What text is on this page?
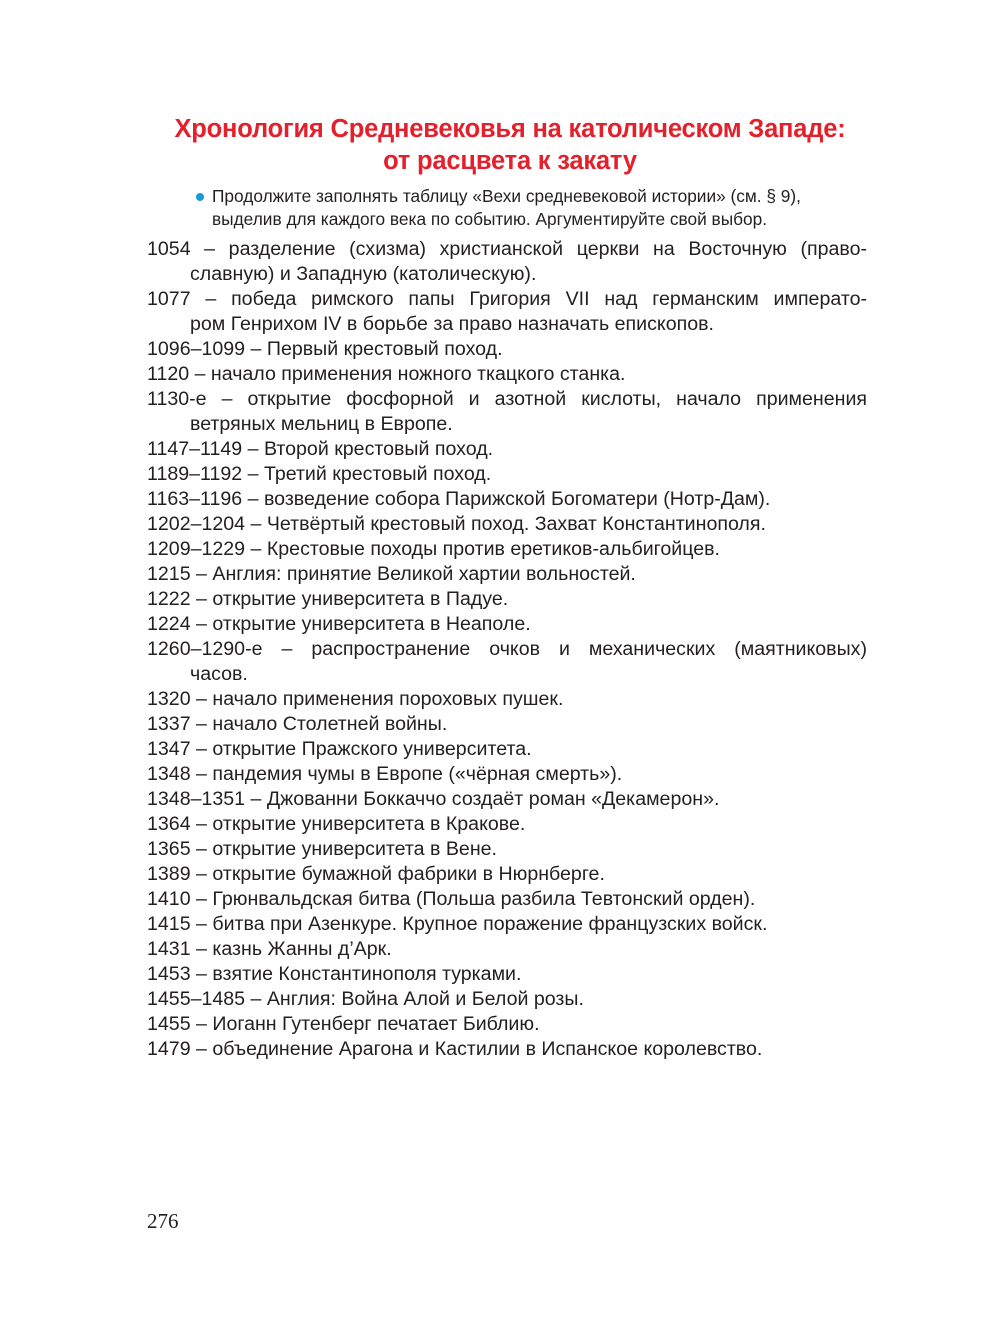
Хронология Средневековья на католическом Западе:
от расцвета к закату
Продолжите заполнять таблицу «Вехи средневековой истории» (см. § 9),
выделив для каждого века по событию. Аргументируйте свой выбор.
1054 – разделение (схизма) христианской церкви на Восточную (право-
славную) и Западную (католическую).
1077 – победа римского папы Григория VII над германским императо-
ром Генрихом IV в борьбе за право назначать епископов.
1096–1099 – Первый крестовый поход.
1120 – начало применения ножного ткацкого станка.
1130-е – открытие фосфорной и азотной кислоты, начало применения
ветряных мельниц в Европе.
1147–1149 – Второй крестовый поход.
1189–1192 – Третий крестовый поход.
1163–1196 – возведение собора Парижской Богоматери (Нотр-Дам).
1202–1204 – Четвёртый крестовый поход. Захват Константинополя.
1209–1229 – Крестовые походы против еретиков-альбигойцев.
1215 – Англия: принятие Великой хартии вольностей.
1222 – открытие университета в Падуе.
1224 – открытие университета в Неаполе.
1260–1290-е – распространение очков и механических (маятниковых)
часов.
1320 – начало применения пороховых пушек.
1337 – начало Столетней войны.
1347 – открытие Пражского университета.
1348 – пандемия чумы в Европе («чёрная смерть»).
1348–1351 – Джованни Боккаччо создаёт роман «Декамерон».
1364 – открытие университета в Кракове.
1365 – открытие университета в Вене.
1389 – открытие бумажной фабрики в Нюрнберге.
1410 – Грюнвальдская битва (Польша разбила Тевтонский орден).
1415 – битва при Азенкуре. Крупное поражение французских войск.
1431 – казнь Жанны д’Арк.
1453 – взятие Константинополя турками.
1455–1485 – Англия: Война Алой и Белой розы.
1455 – Иоганн Гутенберг печатает Библию.
1479 – объединение Арагона и Кастилии в Испанское королевство.
276
